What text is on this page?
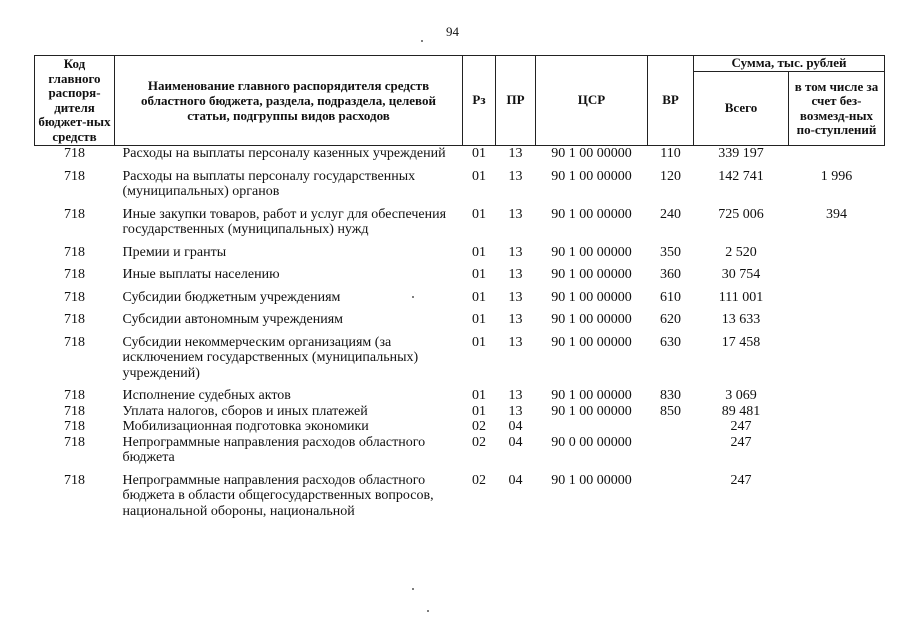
94
Код главного распоря-дителя бюджет-ных средств	Наименование главного распорядителя средств областного бюджета, раздела, подраздела, целевой статьи, подгруппы видов расходов	Рз	ПР	ЦСР	ВР	Сумма, тыс. рублей	
						Всего	в том числе за счет без-возмезд-ных по-ступлений
718	Расходы на выплаты персоналу казенных учреждений	01	13	90 1 00 00000	110	339 197	
718	Расходы на выплаты персоналу государственных (муниципальных) органов	01	13	90 1 00 00000	120	142 741	1 996
718	Иные закупки товаров, работ и услуг для обеспечения государственных (муниципальных) нужд	01	13	90 1 00 00000	240	725 006	394
718	Премии и гранты	01	13	90 1 00 00000	350	2 520	
718	Иные выплаты населению	01	13	90 1 00 00000	360	30 754	
718	Субсидии бюджетным учреждениям	01	13	90 1 00 00000	610	111 001	
718	Субсидии автономным учреждениям	01	13	90 1 00 00000	620	13 633	
718	Субсидии некоммерческим организациям (за исключением государственных (муниципальных) учреждений)	01	13	90 1 00 00000	630	17 458	
718	Исполнение судебных актов	01	13	90 1 00 00000	830	3 069	
718	Уплата налогов, сборов и иных платежей	01	13	90 1 00 00000	850	89 481	
718	Мобилизационная подготовка экономики	02	04			247	
718	Непрограммные направления расходов областного бюджета	02	04	90 0 00 00000		247	
718	Непрограммные направления расходов областного бюджета в области общегосударственных вопросов, национальной обороны, национальной	02	04	90 1 00 00000		247	
